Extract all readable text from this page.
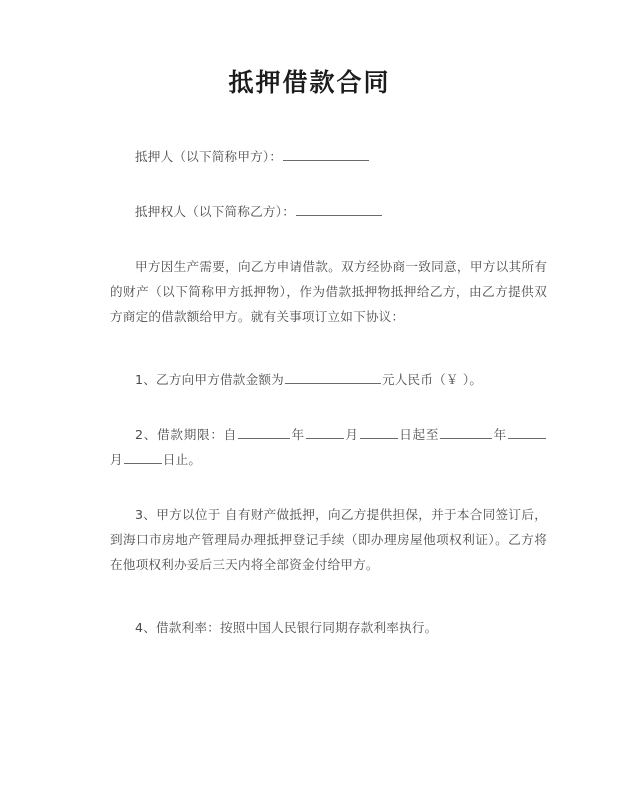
抵押借款合同

抵押人（以下简称甲方）：

抵押权人（以下简称乙方）：

甲方因生产需要，向乙方申请借款。双方经协商一致同意，甲方以其所有的财产（以下简称甲方抵押物），作为借款抵押物抵押给乙方，由乙方提供双方商定的借款额给甲方。就有关事项订立如下协议：

1、乙方向甲方借款金额为	元人民币（￥ ）。

2、借款期限：自	年	月	日起至	年月	日止。

3、甲方以位于 自有财产做抵押，向乙方提供担保，并于本合同签订后，到海口市房地产管理局办理抵押登记手续（即办理房屋他项权利证）。乙方将在他项权利办妥后三天内将全部资金付给甲方。

4、借款利率：按照中国人民银行同期存款利率执行。
